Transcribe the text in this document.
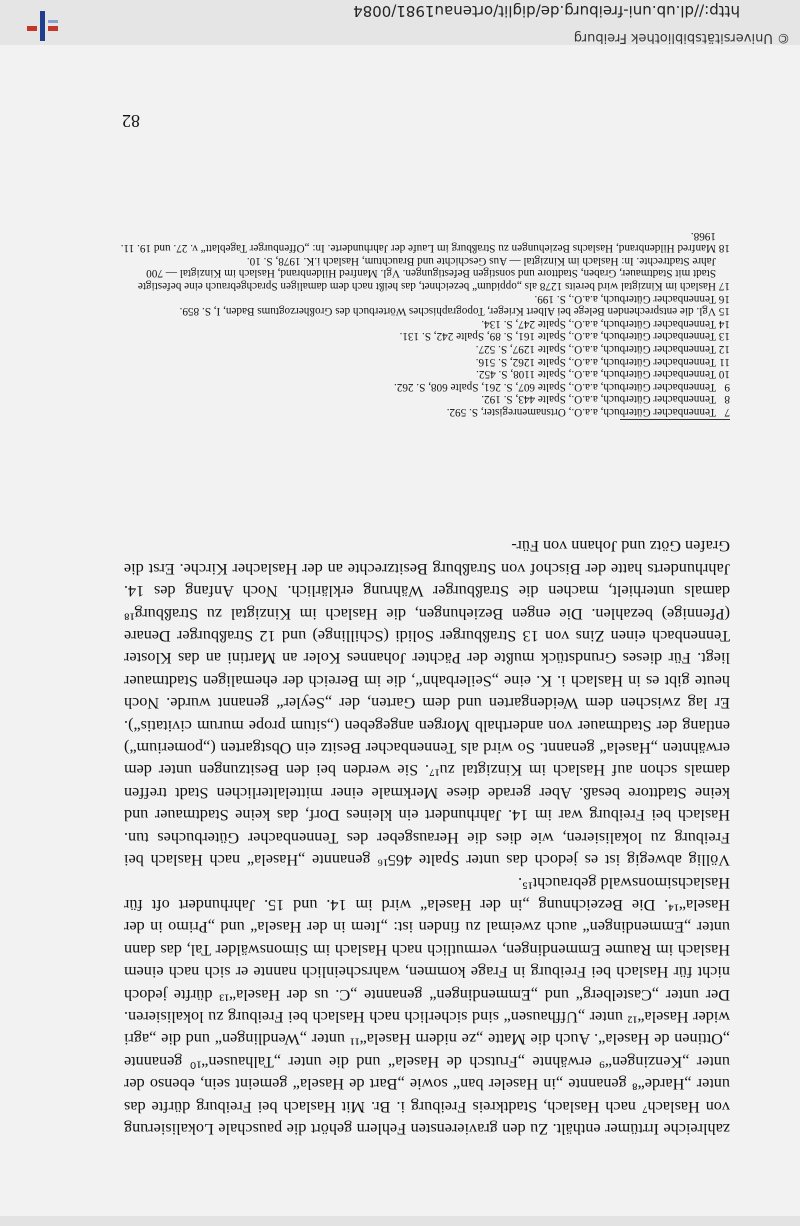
zahlreiche Irrtümer enthält. Zu den gravierensten Fehlern gehört die pauschale Lokalisierung von Haslach⁷ nach Haslach, Stadtkreis Freiburg i. Br. Mit Haslach bei Freiburg dürfte das unter „Harde“⁸ genannte „in Haseler ban“ sowie „Bart de Hasela“ gemeint sein, ebenso der unter „Kenzingen“⁹ erwähnte „Frutsch de Hasela“ und die unter „Talhausen“¹⁰ genannte „Ottinen de Hasela“. Auch die Matte „ze nidern Hasela“¹¹ unter „Wendlingen“ und die „agri wider Hasela“¹² unter „Uffhausen“ sind sicherlich nach Haslach bei Freiburg zu lokalisieren. Der unter „Castelberg“ und „Emmendingen“ genannte „C. us der Hasela“¹³ dürfte jedoch nicht für Haslach bei Freiburg in Frage kommen, wahrscheinlich nannte er sich nach einem Haslach im Raume Emmendingen, vermutlich nach Haslach im Simonswälder Tal, das dann unter „Emmendingen“ auch zweimal zu finden ist: „Item in der Hasela“ und „Primo in der Hasela“¹⁴. Die Bezeichnung „in der Hasela“ wird im 14. und 15. Jahrhundert oft für Haslachsimonswald gebraucht¹⁵.

Völlig abwegig ist es jedoch das unter Spalte 465¹⁶ genannte „Hasela“ nach Haslach bei Freiburg zu lokalisieren, wie dies die Herausgeber des Tennenbacher Güterbuches tun. Haslach bei Freiburg war im 14. Jahrhundert ein kleines Dorf, das keine Stadtmauer und keine Stadttore besaß. Aber gerade diese Merkmale einer mittelalterlichen Stadt treffen damals schon auf Haslach im Kinzigtal zu¹⁷. Sie werden bei den Besitzungen unter dem erwähnten „Hasela“ genannt. So wird als Tennenbacher Besitz ein Obstgarten („pomerium“) entlang der Stadtmauer von anderthalb Morgen angegeben („situm prope murum civitatis“). Er lag zwischen dem Weidengarten und dem Garten, der „Seyler“ genannt wurde. Noch heute gibt es in Haslach i. K. eine „Seilerbahn“, die im Bereich der ehemaligen Stadtmauer liegt. Für dieses Grundstück mußte der Pächter Johannes Koler an Martini an das Kloster Tennenbach einen Zins von 13 Straßburger Solidi (Schillinge) und 12 Straßburger Denare (Pfennige) bezahlen. Die engen Beziehungen, die Haslach im Kinzigtal zu Straßburg¹⁸ damals unterhielt, machen die Straßburger Währung erklärlich. Noch Anfang des 14. Jahrhunderts hatte der Bischof von Straßburg Besitzrechte an der Haslacher Kirche. Erst die Grafen Götz und Johann von Für-

7
Tennenbacher Güterbuch, a.a.O., Ortsnamenregister, S. 592.
8
Tennenbacher Güterbuch, a.a.O., Spalte 443, S. 192.
9
Tennenbacher Güterbuch, a.a.O., Spalte 607, S. 261, Spalte 608, S. 262.
10
Tennenbacher Güterbuch, a.a.O., Spalte 1108, S. 452.
11
Tennenbacher Güterbuch, a.a.O., Spalte 1262, S. 516.
12
Tennenbacher Güterbuch, a.a.O., Spalte 1297, S. 527.
13
Tennenbacher Güterbuch, a.a.O., Spalte 161, S. 89, Spalte 242, S. 131.
14
Tennenbacher Güterbuch, a.a.O., Spalte 247, S. 134.
15
Vgl. die entsprechenden Belege bei Albert Krieger, Topographisches Wörterbuch des Großherzogtums Baden, I, S. 859.
16
Tennenbacher Güterbuch, a.a.O., S. 199.
17
Haslach im Kinzigtal wird bereits 1278 als „oppidum“ bezeichnet, das heißt nach dem damaligen Sprachgebrauch eine befestigte Stadt mit Stadtmauer, Graben, Stadttore und sonstigen Befestigungen. Vgl. Manfred Hildenbrand, Haslach im Kinzigtal — 700 Jahre Stadtrechte. In: Haslach im Kinzigtal — Aus Geschichte und Brauchtum, Haslach i.K. 1978, S. 10.
18
Manfred Hildenbrand, Haslachs Beziehungen zu Straßburg im Laufe der Jahrhunderte. In: „Offenburger Tageblatt“ v. 27. und 19. 11. 1968.
82
© Universitätsbibliothek Freiburg
http://dl.ub.uni-freiburg.de/diglit/ortenau1981/0084
